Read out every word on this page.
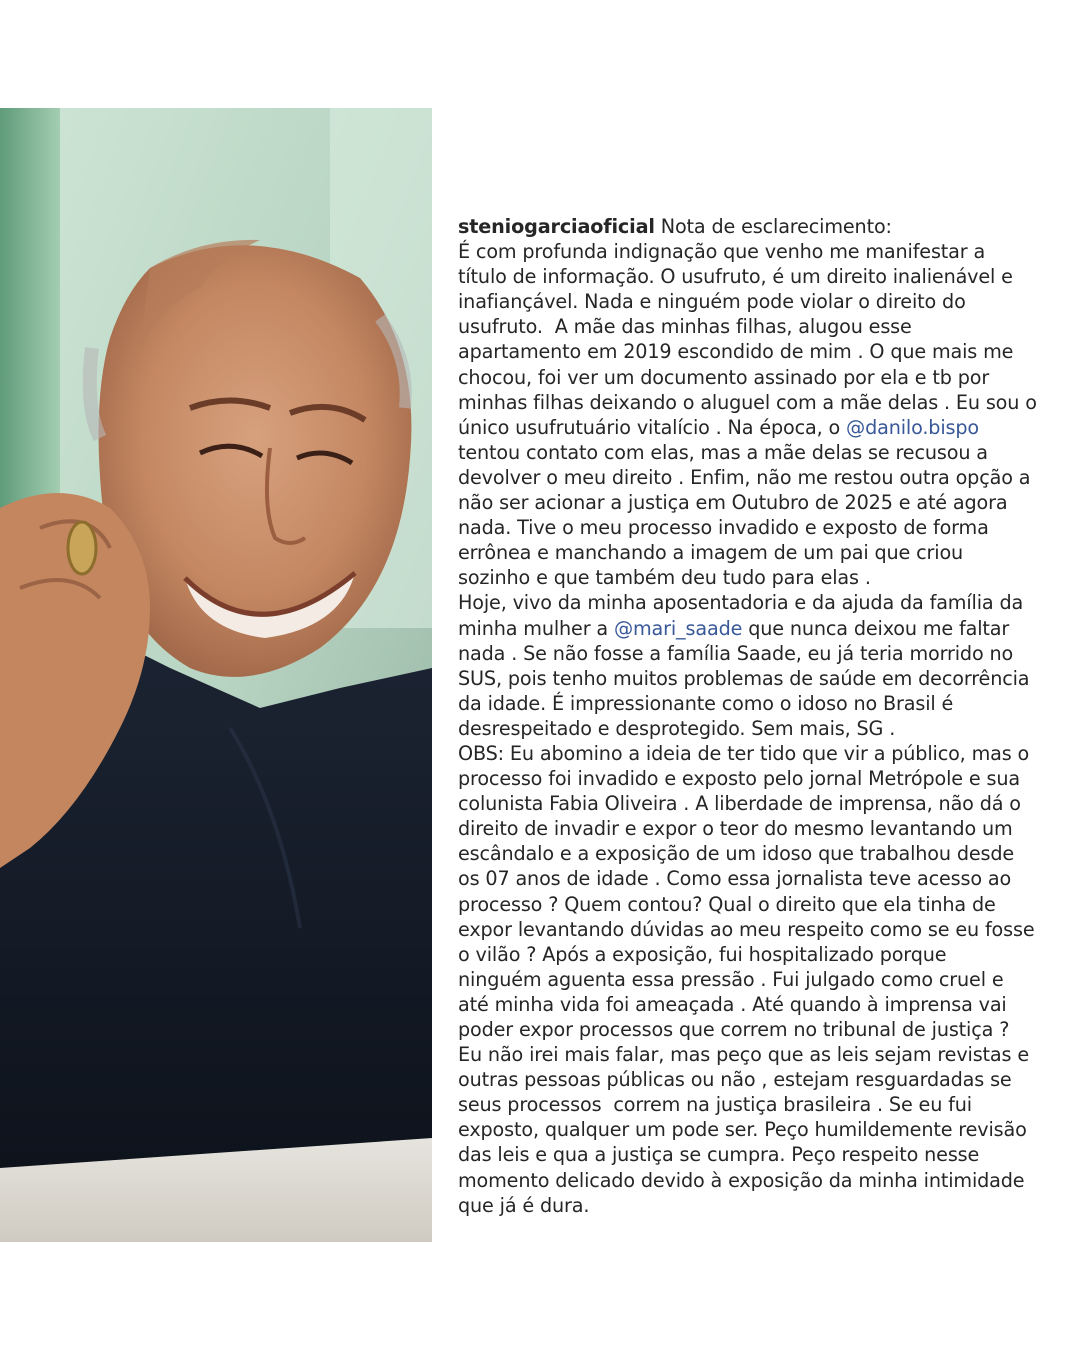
steniogarciaoficial Nota de esclarecimento:

É com profunda indignação que venho me manifestar a

título de informação. O usufruto, é um direito inalienável e

inafiançável. Nada e ninguém pode violar o direito do

usufruto.  A mãe das minhas filhas, alugou esse

apartamento em 2019 escondido de mim . O que mais me

chocou, foi ver um documento assinado por ela e tb por

minhas filhas deixando o aluguel com a mãe delas . Eu sou o

único usufrutuário vitalício . Na época, o @danilo.bispo

tentou contato com elas, mas a mãe delas se recusou a

devolver o meu direito . Enfim, não me restou outra opção a

não ser acionar a justiça em Outubro de 2025 e até agora

nada. Tive o meu processo invadido e exposto de forma

errônea e manchando a imagem de um pai que criou

sozinho e que também deu tudo para elas .

Hoje, vivo da minha aposentadoria e da ajuda da família da

minha mulher a @mari_saade que nunca deixou me faltar

nada . Se não fosse a família Saade, eu já teria morrido no

SUS, pois tenho muitos problemas de saúde em decorrência

da idade. É impressionante como o idoso no Brasil é

desrespeitado e desprotegido. Sem mais, SG .

OBS: Eu abomino a ideia de ter tido que vir a público, mas o

processo foi invadido e exposto pelo jornal Metrópole e sua

colunista Fabia Oliveira . A liberdade de imprensa, não dá o

direito de invadir e expor o teor do mesmo levantando um

escândalo e a exposição de um idoso que trabalhou desde

os 07 anos de idade . Como essa jornalista teve acesso ao

processo ? Quem contou? Qual o direito que ela tinha de

expor levantando dúvidas ao meu respeito como se eu fosse

o vilão ? Após a exposição, fui hospitalizado porque

ninguém aguenta essa pressão . Fui julgado como cruel e

até minha vida foi ameaçada . Até quando à imprensa vai

poder expor processos que correm no tribunal de justiça ?

Eu não irei mais falar, mas peço que as leis sejam revistas e

outras pessoas públicas ou não , estejam resguardadas se

seus processos  correm na justiça brasileira . Se eu fui

exposto, qualquer um pode ser. Peço humildemente revisão

das leis e qua a justiça se cumpra. Peço respeito nesse

momento delicado devido à exposição da minha intimidade

que já é dura.
